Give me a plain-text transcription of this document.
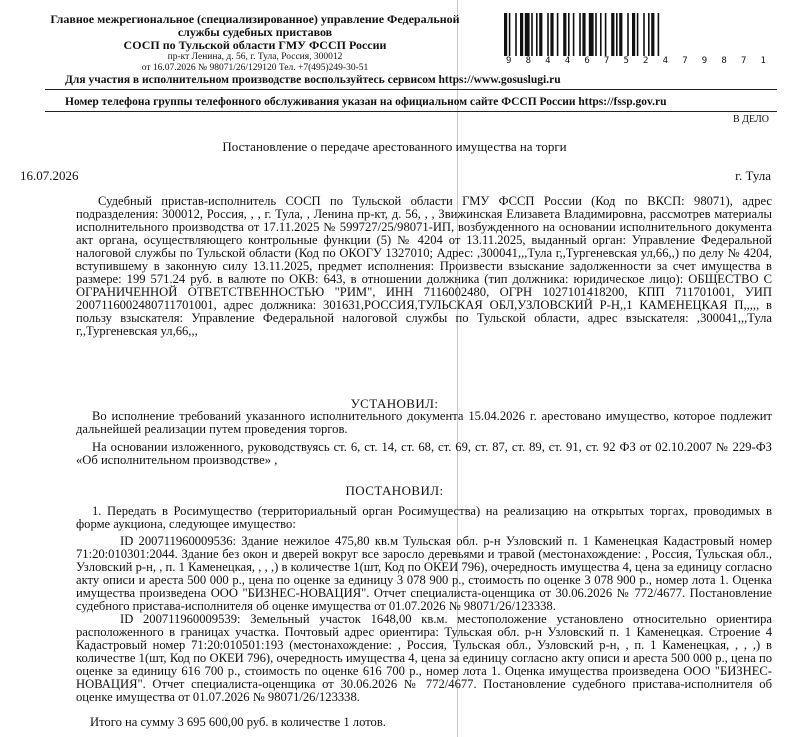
Главное межрегиональное (специализированное) управление Федеральной
службы судебных приставов
СОСП по Тульской области ГМУ ФССП России
пр-кт Ленина, д. 56, г. Тула, Россия, 300012
от 16.07.2026 № 98071/26/129120 Тел. +7(495)249-30-51
9 8 4 4 6 7 5 2 4 7 9 8 7 1
Для участия в исполнительном производстве воспользуйтесь сервисом https://www.gosuslugi.ru
Номер телефона группы телефонного обслуживания указан на официальном сайте ФССП России https://fssp.gov.ru
В ДЕЛО
Постановление о передаче арестованного имущества на торги
16.07.2026	г. Тула
Судебный пристав-исполнитель СОСП по Тульской области ГМУ ФССП России (Код по ВКСП: 98071), адрес подразделения: 300012, Россия, , , г. Тула, , Ленина пр-кт, д. 56, , , Звижинская Елизавета Владимировна, рассмотрев материалы исполнительного производства от 17.11.2025 № 599727/25/98071-ИП, возбужденного на основании исполнительного документа акт органа, осуществляющего контрольные функции (5) № 4204 от 13.11.2025, выданный орган: Управление Федеральной налоговой службы по Тульской области (Код по ОКОГУ 1327010; Адрес: ,300041,,,Тула г,,Тургеневская ул,66,,) по делу № 4204, вступившему в законную силу 13.11.2025, предмет исполнения: Произвести взыскание задолженности за счет имущества в размере: 199 571.24 руб. в валюте по ОКВ: 643, в отношении должника (тип должника: юридическое лицо): ОБЩЕСТВО С ОГРАНИЧЕННОЙ ОТВЕТСТВЕННОСТЬЮ "РИМ", ИНН 7116002480, ОГРН 1027101418200, КПП 711701001, УИП 2007116002480711701001, адрес должника: 301631,РОССИЯ,ТУЛЬСКАЯ ОБЛ,УЗЛОВСКИЙ Р-Н,,1 КАМЕНЕЦКАЯ П,,,,, в пользу взыскателя: Управление Федеральной налоговой службы по Тульской области, адрес взыскателя: ,300041,,,Тула г,,Тургеневская ул,66,,,
УСТАНОВИЛ:
Во исполнение требований указанного исполнительного документа 15.04.2026 г. арестовано имущество, которое подлежит дальнейшей реализации путем проведения торгов.
На основании изложенного, руководствуясь ст. 6, ст. 14, ст. 68, ст. 69, ст. 87, ст. 89, ст. 91, ст. 92 ФЗ от 02.10.2007 № 229-ФЗ «Об исполнительном производстве» ,
ПОСТАНОВИЛ:
1. Передать в Росимущество (территориальный орган Росимущества) на реализацию на открытых торгах, проводимых в форме аукциона, следующее имущество:
ID 200711960009536: Здание нежилое 475,80 кв.м Тульская обл. р-н Узловский п. 1 Каменецкая Кадастровый номер 71:20:010301:2044. Здание без окон и дверей вокруг все заросло деревьями и травой (местонахождение: , Россия, Тульская обл., Узловский р-н, , п. 1 Каменецкая, , , ,) в количестве 1(шт, Код по ОКЕИ 796), очередность имущества 4, цена за единицу согласно акту описи и ареста 500 000 р., цена по оценке за единицу 3 078 900 р., стоимость по оценке 3 078 900 р., номер лота 1. Оценка имущества произведена ООО "БИЗНЕС-НОВАЦИЯ". Отчет специалиста-оценщика от 30.06.2026 № 772/4677. Постановление судебного пристава-исполнителя об оценке имущества от 01.07.2026 № 98071/26/123338.
ID 200711960009539: Земельный участок 1648,00 кв.м. местоположение установлено относительно ориентира расположенного в границах участка. Почтовый адрес ориентира: Тульская обл. р-н Узловский п. 1 Каменецкая. Строение 4 Кадастровый номер 71:20:010501:193 (местонахождение: , Россия, Тульская обл., Узловский р-н, , п. 1 Каменецкая, , , ,) в количестве 1(шт, Код по ОКЕИ 796), очередность имущества 4, цена за единицу согласно акту описи и ареста 500 000 р., цена по оценке за единицу 616 700 р., стоимость по оценке 616 700 р., номер лота 1. Оценка имущества произведена ООО "БИЗНЕС-НОВАЦИЯ". Отчет специалиста-оценщика от 30.06.2026 № 772/4677. Постановление судебного пристава-исполнителя об оценке имущества от 01.07.2026 № 98071/26/123338.
Итого на сумму 3 695 600,00 руб. в количестве 1 лотов.
